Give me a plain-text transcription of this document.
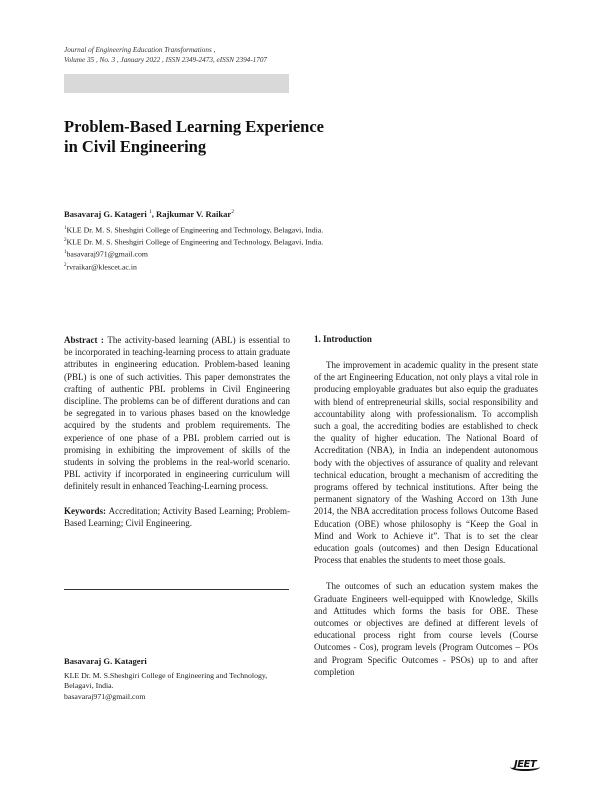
Journal of Engineering Education Transformations ,
Volume 35 , No. 3 , January 2022 , ISSN 2349-2473, eISSN 2394-1707
Problem-Based Learning Experience
in Civil Engineering
Basavaraj G. Katageri $^1$, Rajkumar V. Raikar$^2$
$^1$KLE Dr. M. S. Sheshgiri College of Engineering and Technology, Belagavi, India.
$^2$KLE Dr. M. S. Sheshgiri College of Engineering and Technology, Belagavi, India.
$^1$basavaraj971@gmail.com
$^2$rvraikar@klescet.ac.in

Abstract : The activity-based learning (ABL) is essential to be incorporated in teaching-learning process to attain graduate attributes in engineering education. Problem-based leaning (PBL) is one of such activities. This paper demonstrates the crafting of authentic PBL problems in Civil Engineering discipline. The problems can be of different durations and can be segregated in to various phases based on the knowledge acquired by the students and problem requirements. The experience of one phase of a PBL problem carried out is promising in exhibiting the improvement of skills of the students in solving the problems in the real-world scenario. PBL activity if incorporated in engineering curriculum will definitely result in enhanced Teaching-Learning process.

Keywords: Accreditation; Activity Based Learning; Problem-Based Learning; Civil Engineering.

Basavaraj G. Katageri
KLE Dr. M. S.Sheshgiri College of Engineering and Technology,
Belagavi, India.
basavaraj971@gmail.com
1. Introduction

The improvement in academic quality in the present state of the art Engineering Education, not only plays a vital role in producing employable graduates but also equip the graduates with blend of entrepreneurial skills, social responsibility and accountability along with professionalism. To accomplish such a goal, the accrediting bodies are established to check the quality of higher education. The National Board of Accreditation (NBA), in India an independent autonomous body with the objectives of assurance of quality and relevant technical education, brought a mechanism of accrediting the programs offered by technical institutions. After being the permanent signatory of the Washing Accord on 13th June 2014, the NBA accreditation process follows Outcome Based Education (OBE) whose philosophy is “Keep the Goal in Mind and Work to Achieve it”. That is to set the clear education goals (outcomes) and then Design Educational Process that enables the students to meet those goals.

The outcomes of such an education system makes the Graduate Engineers well-equipped with Knowledge, Skills and Attitudes which forms the basis for OBE. These outcomes or objectives are defined at different levels of educational process right from course levels (Course Outcomes - Cos), program levels (Program Outcomes – POs and Program Specific Outcomes - PSOs) up to and after completion

JEET
